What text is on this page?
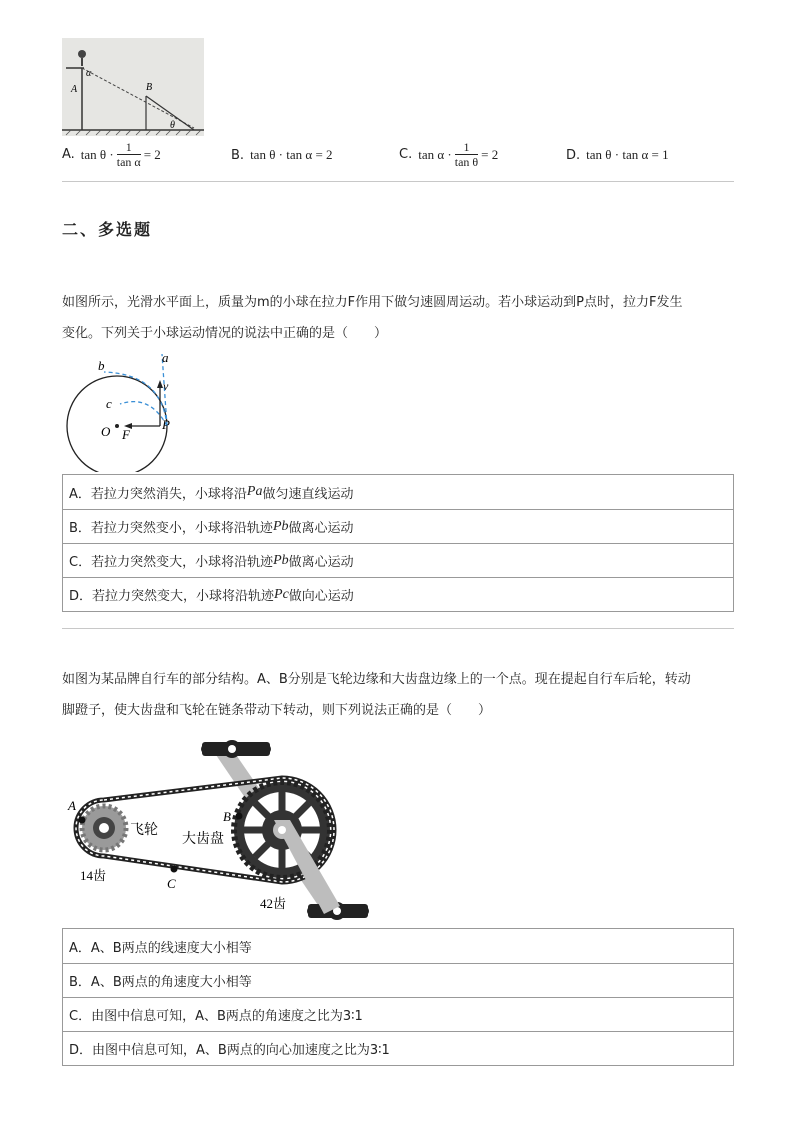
A
α
B
θ
A. $\tan \theta \cdot \frac{1}{\text{tan α}} = 2$	B. tan θ · tan α = 2	C. $\tan \alpha \cdot \frac{1}{\text{tan θ}} = 2$	D. tan θ · tan α = 1
二、多选题
如图所示，光滑水平面上，质量为m的小球在拉力F作用下做匀速圆周运动。若小球运动到P点时，拉力F发生
变化。下列关于小球运动情况的说法中正确的是（　　）
a
b
c
v
O F
P
A． 若拉力突然消失，小球将沿 Pa 做匀速直线运动
B． 若拉力突然变小，小球将沿轨迹 Pb 做离心运动
C． 若拉力突然变大，小球将沿轨迹 Pb 做离心运动
D． 若拉力突然变大，小球将沿轨迹 Pc 做向心运动
如图为某品牌自行车的部分结构。A、B分别是飞轮边缘和大齿盘边缘上的一个点。现在提起自行车后轮，转动
脚蹬子，使大齿盘和飞轮在链条带动下转动，则下列说法正确的是（　　）
A
B
C
飞轮
大齿盘
14齿
42齿
A． A、B两点的线速度大小相等
B． A、B两点的角速度大小相等
C． 由图中信息可知，A、B两点的角速度之比为3∶1
D． 由图中信息可知，A、B两点的向心加速度之比为3∶1
